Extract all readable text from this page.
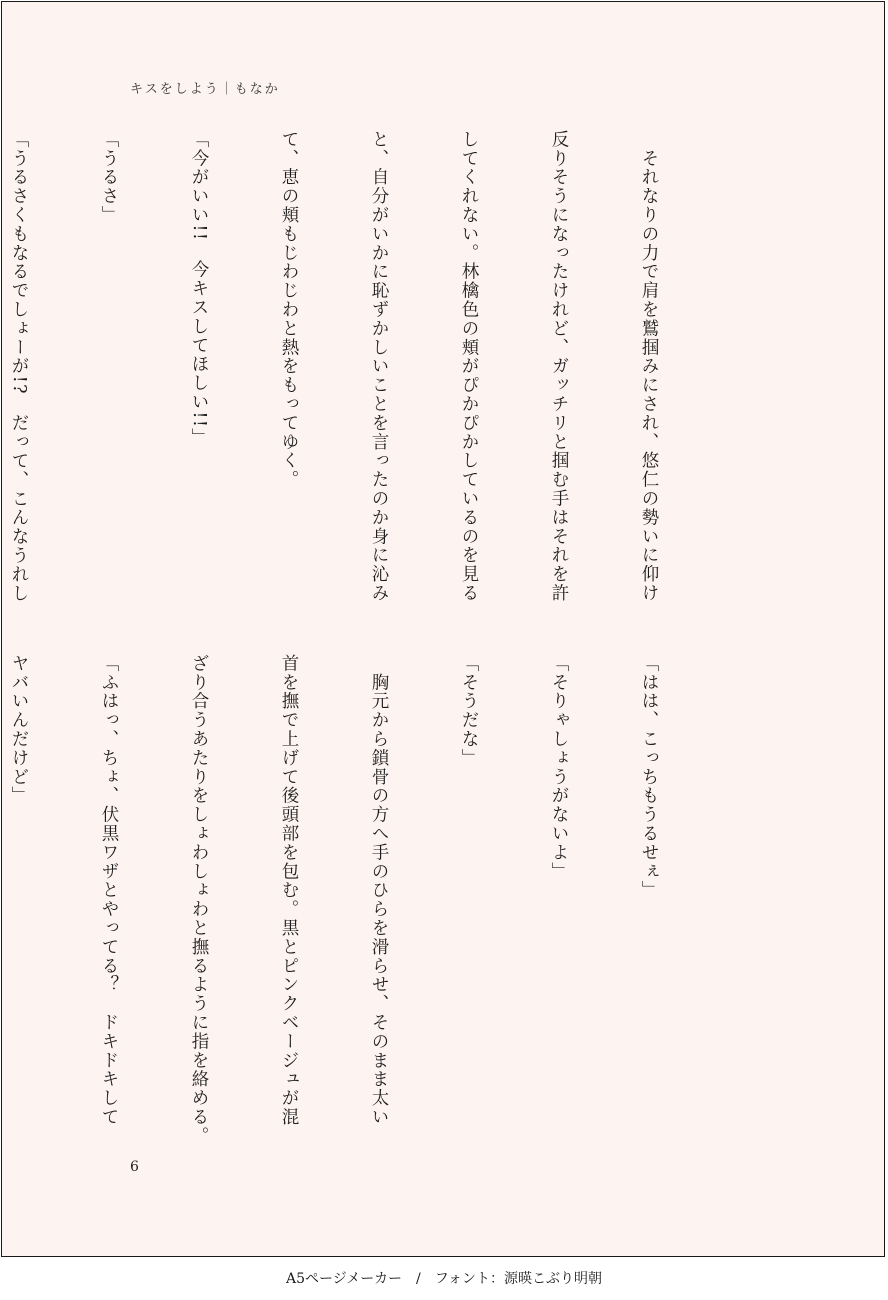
キスをしよう｜もなか

　それなりの力で肩を鷲掴みにされ、悠仁の勢いに仰け

反りそうになったけれど、ガッチリと掴む手はそれを許

してくれない。林檎色の頬がぴかぴかしているのを見る

と、自分がいかに恥ずかしいことを言ったのか身に沁み

て、恵の頬もじわじわと熱をもってゆく。

「今がいい!!　今キスしてほしい!!」

「うるさ」

「うるさくもなるでしょーが!?　だって、こんなうれし

「はは、こっちもうるせぇ」

「そりゃしょうがないよ」

「そうだな」

　胸元から鎖骨の方へ手のひらを滑らせ、そのまま太い

首を撫で上げて後頭部を包む。黒とピンクベージュが混

ざり合うあたりをしょわしょわと撫るように指を絡める。

「ふはっ、ちょ、伏黒ワザとやってる？　ドキドキして

ヤバいんだけど」

6
A5ページメーカー　/　フォント：源暎こぶり明朝
